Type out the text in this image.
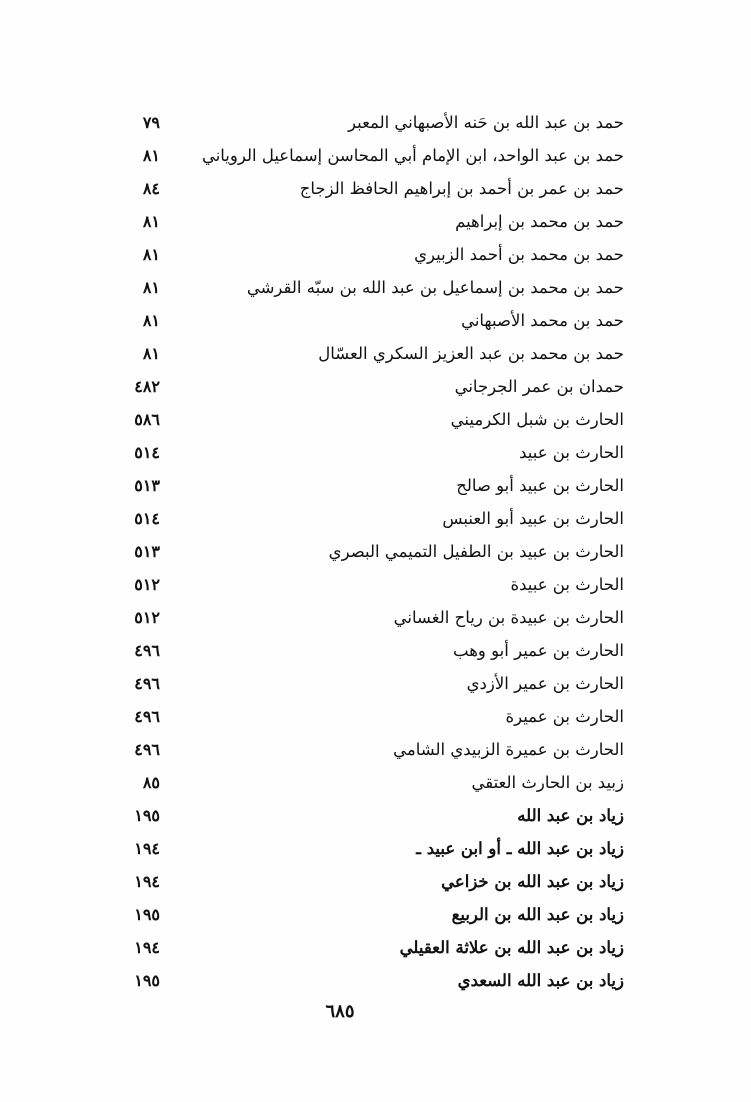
حمد بن عبد الله بن حَنه الأصبهاني المعبر
٧٩
حمد بن عبد الواحد، ابن الإمام أبي المحاسن إسماعيل الروياني
٨١
حمد بن عمر بن أحمد بن إبراهيم الحافظ الزجاج
٨٤
حمد بن محمد بن إبراهيم
٨١
حمد بن محمد بن أحمد الزبيري
٨١
حمد بن محمد بن إسماعيل بن عبد الله بن سبّه القرشي
٨١
حمد بن محمد الأصبهاني
٨١
حمد بن محمد بن عبد العزيز السكري العسّال
٨١
حمدان بن عمر الجرجاني
٤٨٢
الحارث بن شبل الكرميني
٥٨٦
الحارث بن عبيد
٥١٤
الحارث بن عبيد أبو صالح
٥١٣
الحارث بن عبيد أبو العنبس
٥١٤
الحارث بن عبيد بن الطفيل التميمي البصري
٥١٣
الحارث بن عبيدة
٥١٢
الحارث بن عبيدة بن رياح الغساني
٥١٢
الحارث بن عمير أبو وهب
٤٩٦
الحارث بن عمير الأزدي
٤٩٦
الحارث بن عميرة
٤٩٦
الحارث بن عميرة الزبيدي الشامي
٤٩٦
زبيد بن الحارث العتقي
٨٥
زياد بن عبد الله
١٩٥
زياد بن عبد الله ـ أو ابن عبيد ـ
١٩٤
زياد بن عبد الله بن خزاعي
١٩٤
زياد بن عبد الله بن الربيع
١٩٥
زياد بن عبد الله بن علاثة العقيلي
١٩٤
زياد بن عبد الله السعدي
١٩٥
٦٨٥
